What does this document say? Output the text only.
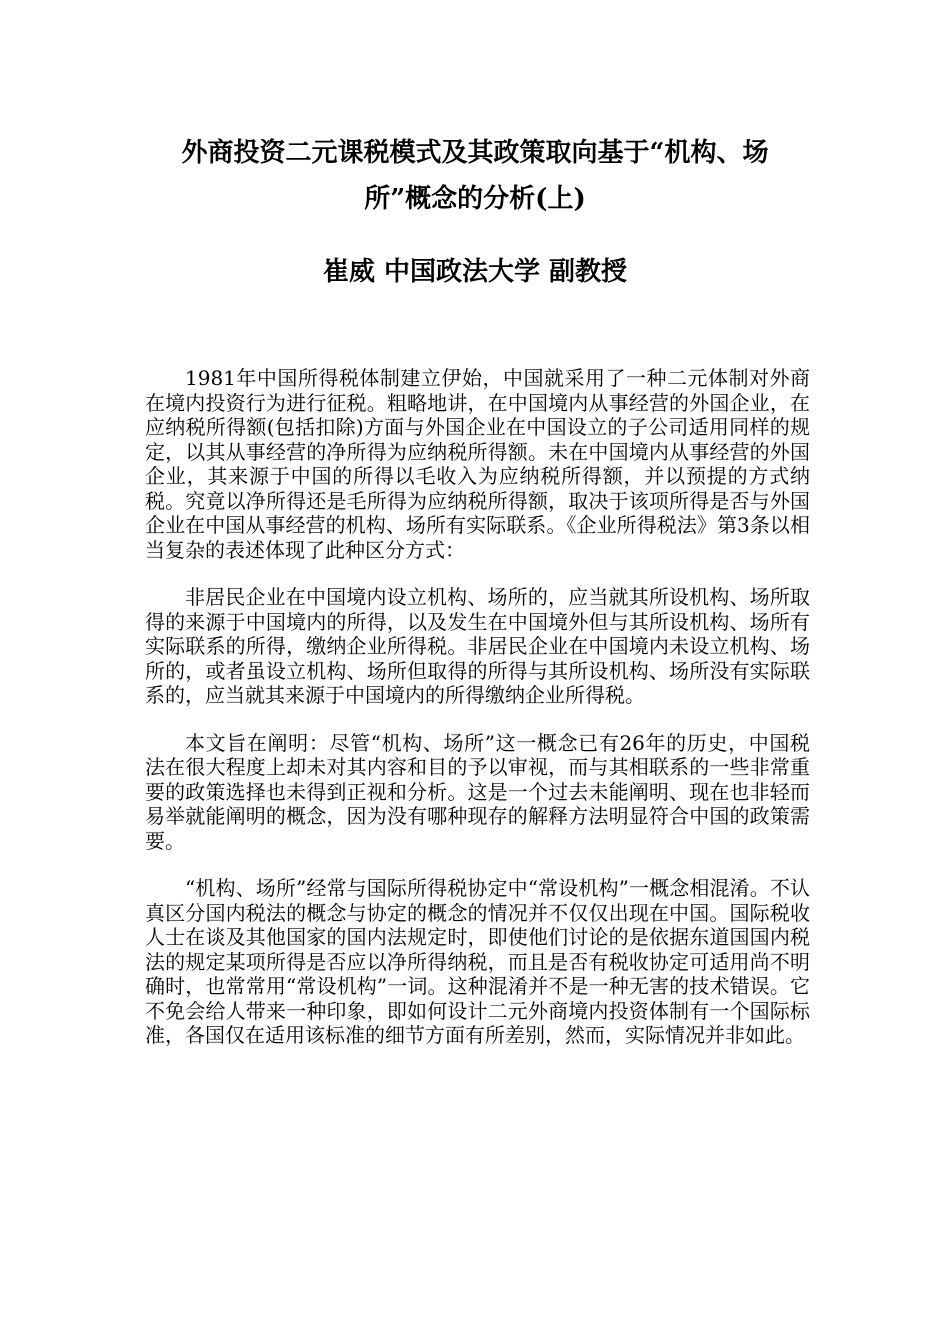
外商投资二元课税模式及其政策取向基于“机构、场
所”概念的分析(上)
崔威 中国政法大学 副教授

1981年中国所得税体制建立伊始，中国就采用了一种二元体制对外商在境内投资行为进行征税。粗略地讲，在中国境内从事经营的外国企业，在应纳税所得额(包括扣除)方面与外国企业在中国设立的子公司适用同样的规定，以其从事经营的净所得为应纳税所得额。未在中国境内从事经营的外国企业，其来源于中国的所得以毛收入为应纳税所得额，并以预提的方式纳税。究竟以净所得还是毛所得为应纳税所得额，取决于该项所得是否与外国企业在中国从事经营的机构、场所有实际联系。《企业所得税法》第3条以相当复杂的表述体现了此种区分方式：

非居民企业在中国境内设立机构、场所的，应当就其所设机构、场所取得的来源于中国境内的所得，以及发生在中国境外但与其所设机构、场所有实际联系的所得，缴纳企业所得税。非居民企业在中国境内未设立机构、场所的，或者虽设立机构、场所但取得的所得与其所设机构、场所没有实际联系的，应当就其来源于中国境内的所得缴纳企业所得税。

本文旨在阐明：尽管“机构、场所”这一概念已有26年的历史，中国税法在很大程度上却未对其内容和目的予以审视，而与其相联系的一些非常重要的政策选择也未得到正视和分析。这是一个过去未能阐明、现在也非轻而易举就能阐明的概念，因为没有哪种现存的解释方法明显符合中国的政策需要。

“机构、场所”经常与国际所得税协定中“常设机构”一概念相混淆。不认真区分国内税法的概念与协定的概念的情况并不仅仅出现在中国。国际税收人士在谈及其他国家的国内法规定时，即使他们讨论的是依据东道国国内税法的规定某项所得是否应以净所得纳税，而且是否有税收协定可适用尚不明确时，也常常用“常设机构”一词。这种混淆并不是一种无害的技术错误。它不免会给人带来一种印象，即如何设计二元外商境内投资体制有一个国际标准，各国仅在适用该标准的细节方面有所差别，然而，实际情况并非如此。
